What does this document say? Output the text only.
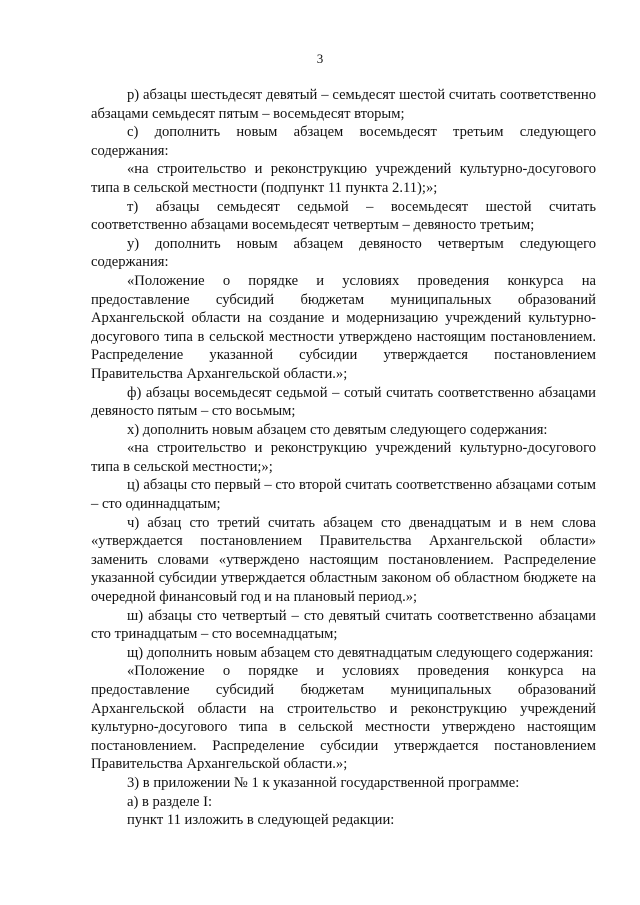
3

р) абзацы шестьдесят девятый – семьдесят шестой считать соответственно абзацами семьдесят пятым – восемьдесят вторым;

с) дополнить новым абзацем восемьдесят третьим следующего содержания:

«на строительство и реконструкцию учреждений культурно-досугового типа в сельской местности (подпункт 11 пункта 2.11);»;

т) абзацы семьдесят седьмой – восемьдесят шестой считать соответственно абзацами восемьдесят четвертым – девяносто третьим;

у) дополнить новым абзацем девяносто четвертым следующего содержания:

«Положение о порядке и условиях проведения конкурса на предоставление субсидий бюджетам муниципальных образований Архангельской области на создание и модернизацию учреждений культурно-досугового типа в сельской местности утверждено настоящим постановлением. Распределение указанной субсидии утверждается постановлением Правительства Архангельской области.»;

ф) абзацы восемьдесят седьмой – сотый считать соответственно абзацами девяносто пятым – сто восьмым;

х) дополнить новым абзацем сто девятым следующего содержания:

«на строительство и реконструкцию учреждений культурно-досугового типа в сельской местности;»;

ц) абзацы сто первый – сто второй считать соответственно абзацами сотым – сто одиннадцатым;

ч) абзац сто третий считать абзацем сто двенадцатым и в нем слова «утверждается постановлением Правительства Архангельской области» заменить словами «утверждено настоящим постановлением. Распределение указанной субсидии утверждается областным законом об областном бюджете на очередной финансовый год и на плановый период.»;

ш) абзацы сто четвертый – сто девятый считать соответственно абзацами сто тринадцатым – сто восемнадцатым;

щ) дополнить новым абзацем сто девятнадцатым следующего содержания:

«Положение о порядке и условиях проведения конкурса на предоставление субсидий бюджетам муниципальных образований Архангельской области на строительство и реконструкцию учреждений культурно-досугового типа в сельской местности утверждено настоящим постановлением. Распределение субсидии утверждается постановлением Правительства Архангельской области.»;

3) в приложении № 1 к указанной государственной программе:

а) в разделе I:

пункт 11 изложить в следующей редакции:
